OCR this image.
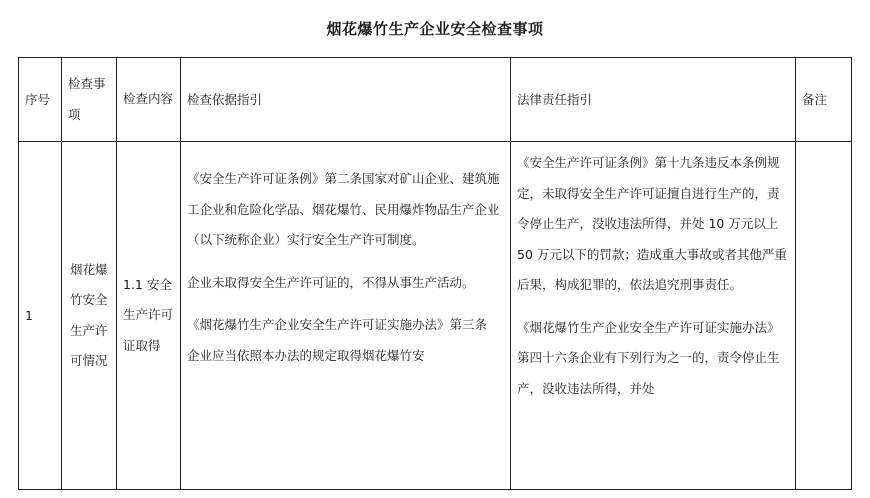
烟花爆竹生产企业安全检查事项
序号	检查事项	检查内容	检查依据指引	法律责任指引	备注

1	烟花爆竹安全生产许可情况	1.1 安全生产许可证取得	《安全生产许可证条例》第二条国家对矿山企业、建筑施工企业和危险化学品、烟花爆竹、民用爆炸物品生产企业（以下统称企业）实行安全生产许可制度。
企业未取得安全生产许可证的，不得从事生产活动。
《烟花爆竹生产企业安全生产许可证实施办法》第三条　企业应当依照本办法的规定取得烟花爆竹安	《安全生产许可证条例》第十九条违反本条例规定，未取得安全生产许可证擅自进行生产的，责令停止生产，没收违法所得，并处 10 万元以上 50 万元以下的罚款；造成重大事故或者其他严重后果，构成犯罪的，依法追究刑事责任。
《烟花爆竹生产企业安全生产许可证实施办法》第四十六条企业有下列行为之一的，责令停止生产，没收违法所得，并处	
